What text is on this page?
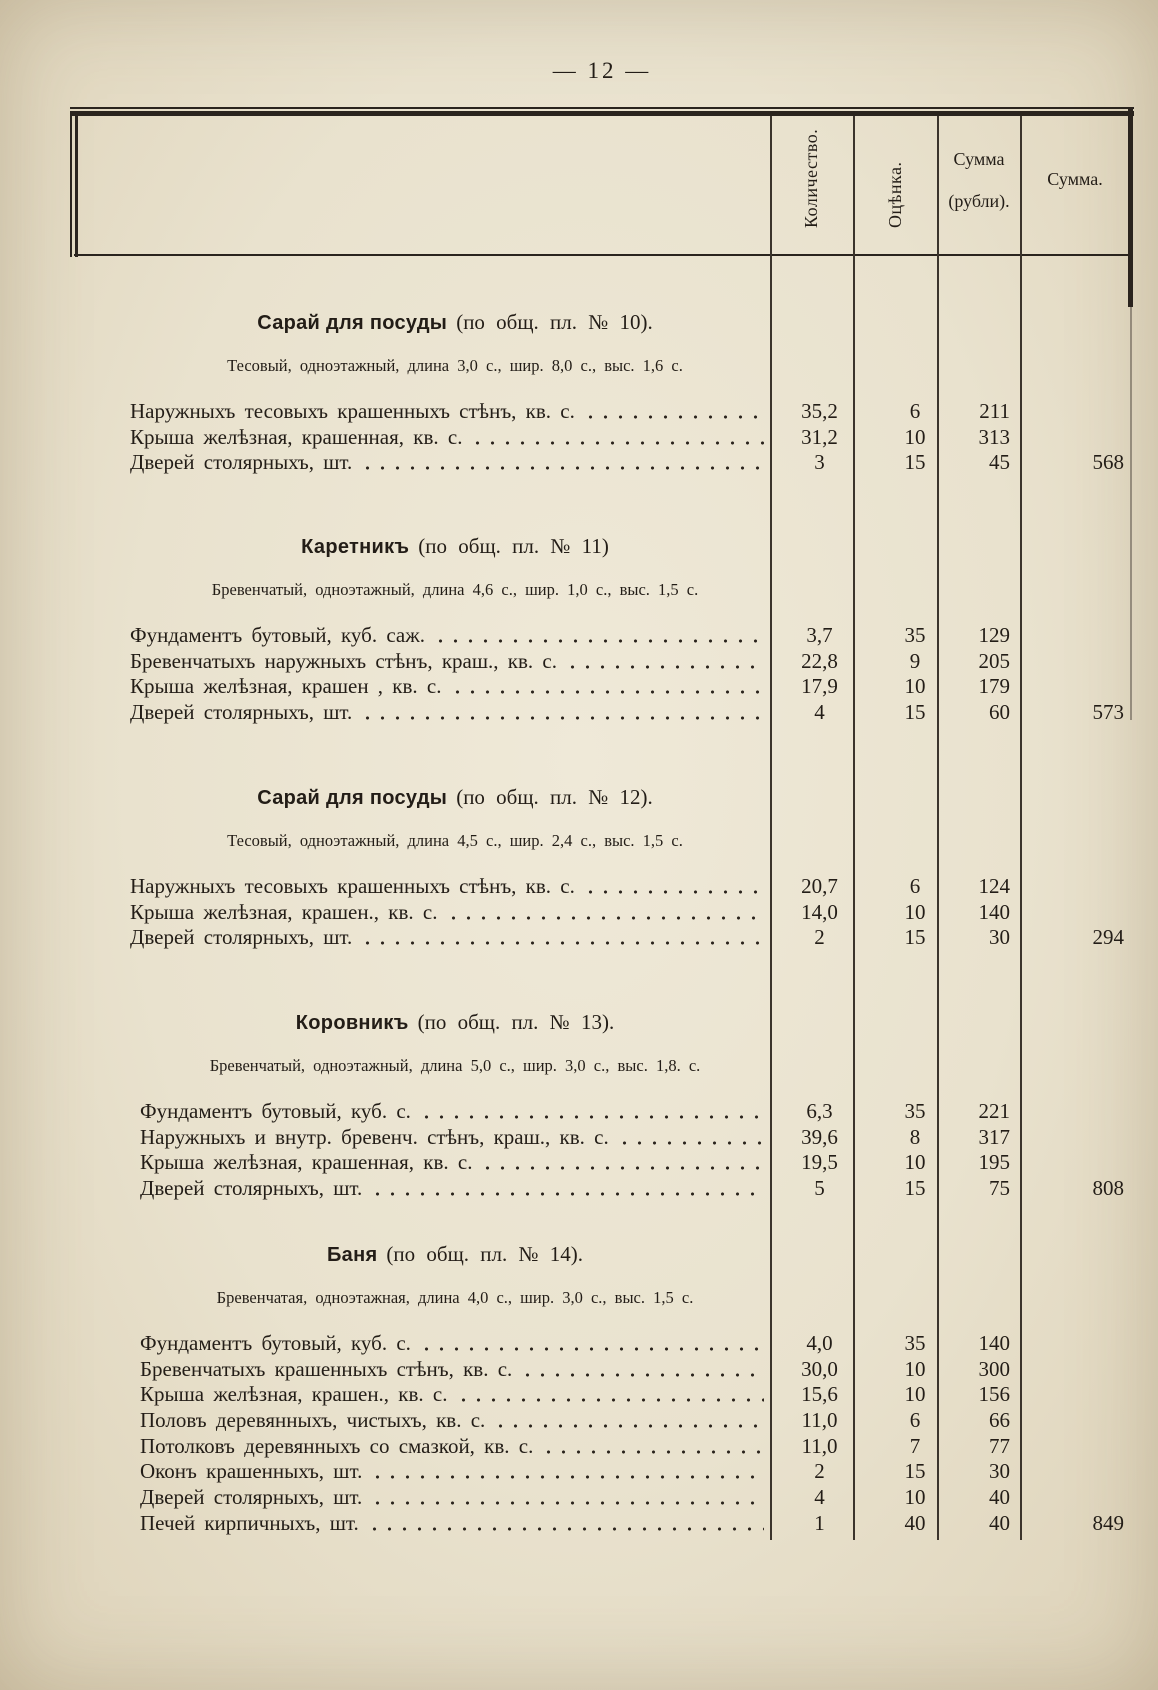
— 12 —
Количество.	Оцѣнка.
Сумма
(рубли).
Сумма.
Сарай для посуды (по общ. пл. № 10).
Тесовый, одноэтажный, длина 3,0 с., шир. 8,0 с., выс. 1,6 с.
Наружныхъ тесовыхъ крашенныхъ стѣнъ, кв. с.	35,2	6	211
Крыша желѣзная, крашенная, кв. с.	31,2	10	313
Дверей столярныхъ, шт.	3	15	45	568
Каретникъ (по общ. пл. № 11)
Бревенчатый, одноэтажный, длина 4,6 с., шир. 1,0 с., выс. 1,5 с.
Фундаментъ бутовый, куб. саж.	3,7	35	129
Бревенчатыхъ наружныхъ стѣнъ, краш., кв. с.	22,8	9	205
Крыша желѣзная, крашен , кв. с.	17,9	10	179
Дверей столярныхъ, шт.	4	15	60	573
Сарай для посуды (по общ. пл. № 12).
Тесовый, одноэтажный, длина 4,5 с., шир. 2,4 с., выс. 1,5 с.
Наружныхъ тесовыхъ крашенныхъ стѣнъ, кв. с.	20,7	6	124
Крыша желѣзная, крашен., кв. с.	14,0	10	140
Дверей столярныхъ, шт.	2	15	30	294
Коровникъ (по общ. пл. № 13).
Бревенчатый, одноэтажный, длина 5,0 с., шир. 3,0 с., выс. 1,8. с.
Фундаментъ бутовый, куб. с.	6,3	35	221
Наружныхъ и внутр. бревенч. стѣнъ, краш., кв. с.	39,6	8	317
Крыша желѣзная, крашенная, кв. с.	19,5	10	195
Дверей столярныхъ, шт.	5	15	75	808
Баня (по общ. пл. № 14).
Бревенчатая, одноэтажная, длина 4,0 с., шир. 3,0 с., выс. 1,5 с.
Фундаментъ бутовый, куб. с.	4,0	35	140
Бревенчатыхъ крашенныхъ стѣнъ, кв. с.	30,0	10	300
Крыша желѣзная, крашен., кв. с.	15,6	10	156
Половъ деревянныхъ, чистыхъ, кв. с.	11,0	6	66
Потолковъ деревянныхъ со смазкой, кв. с.	11,0	7	77
Оконъ крашенныхъ, шт.	2	15	30
Дверей столярныхъ, шт.	4	10	40
Печей кирпичныхъ, шт.	1	40	40	849
